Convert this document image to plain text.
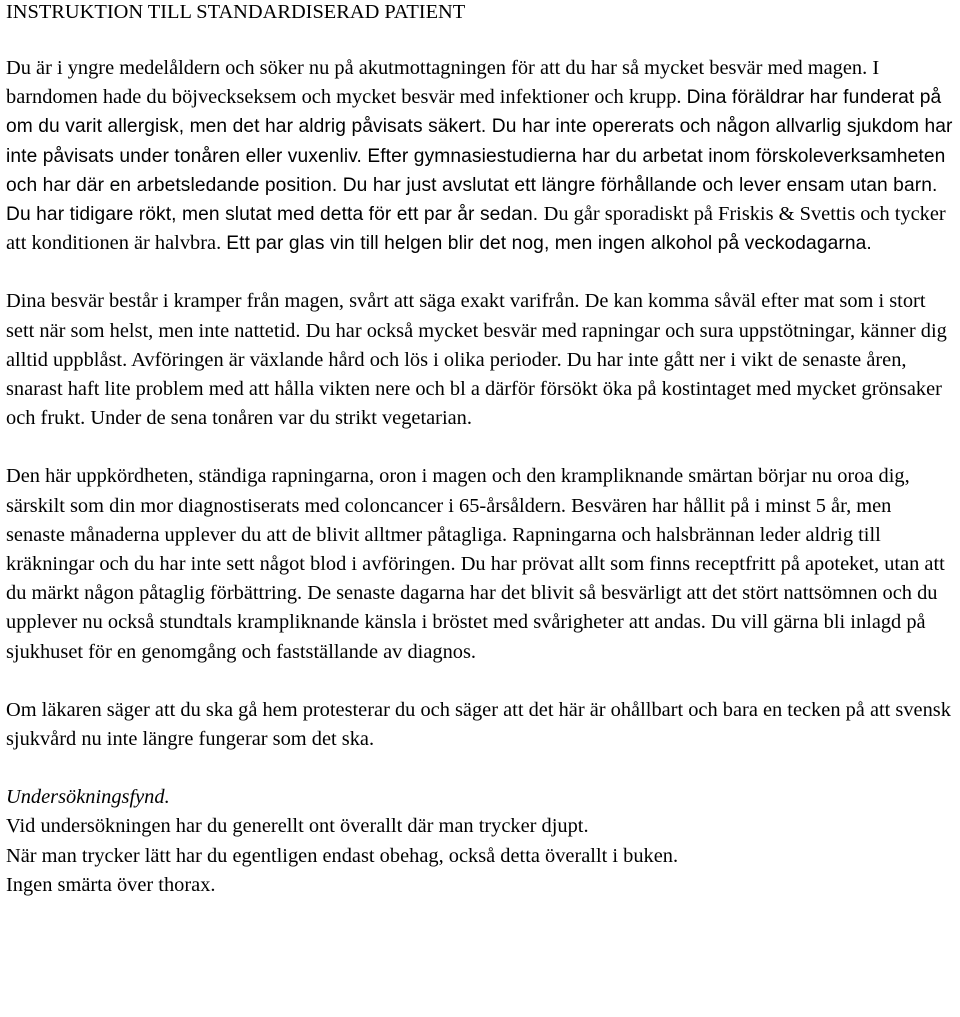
INSTRUKTION TILL STANDARDISERAD PATIENT

Du är i yngre medelåldern och söker nu på akutmottagningen för att du har så mycket besvär med magen. I barndomen hade du böjveckseksem och mycket besvär med infektioner och krupp. Dina föräldrar har funderat på om du varit allergisk, men det har aldrig påvisats säkert. Du har inte opererats och någon allvarlig sjukdom har inte påvisats under tonåren eller vuxenliv. Efter gymnasiestudierna har du arbetat inom förskoleverksamheten och har där en arbetsledande position. Du har just avslutat ett längre förhållande och lever ensam utan barn. Du har tidigare rökt, men slutat med detta för ett par år sedan. Du går sporadiskt på Friskis & Svettis och tycker att konditionen är halvbra. Ett par glas vin till helgen blir det nog, men ingen alkohol på veckodagarna.

Dina besvär består i kramper från magen, svårt att säga exakt varifrån. De kan komma såväl efter mat som i stort sett när som helst, men inte nattetid. Du har också mycket besvär med rapningar och sura uppstötningar, känner dig alltid uppblåst. Avföringen är växlande hård och lös i olika perioder. Du har inte gått ner i vikt de senaste åren, snarast haft lite problem med att hålla vikten nere och bl a därför försökt öka på kostintaget med mycket grönsaker och frukt. Under de sena tonåren var du strikt vegetarian.

Den här uppkördheten, ständiga rapningarna, oron i magen och den krampliknande smärtan börjar nu oroa dig, särskilt som din mor diagnostiserats med coloncancer i 65-årsåldern. Besvären har hållit på i minst 5 år, men senaste månaderna upplever du att de blivit alltmer påtagliga. Rapningarna och halsbrännan leder aldrig till kräkningar och du har inte sett något blod i avföringen. Du har prövat allt som finns receptfritt på apoteket, utan att du märkt någon påtaglig förbättring. De senaste dagarna har det blivit så besvärligt att det stört nattsömnen och du upplever nu också stundtals krampliknande känsla i bröstet med svårigheter att andas. Du vill gärna bli inlagd på sjukhuset för en genomgång och fastställande av diagnos.

Om läkaren säger att du ska gå hem protesterar du och säger att det här är ohållbart och bara en tecken på att svensk sjukvård nu inte längre fungerar som det ska.

Undersökningsfynd.
Vid undersökningen har du generellt ont överallt där man trycker djupt.
När man trycker lätt har du egentligen endast obehag, också detta överallt i buken.
Ingen smärta över thorax.
